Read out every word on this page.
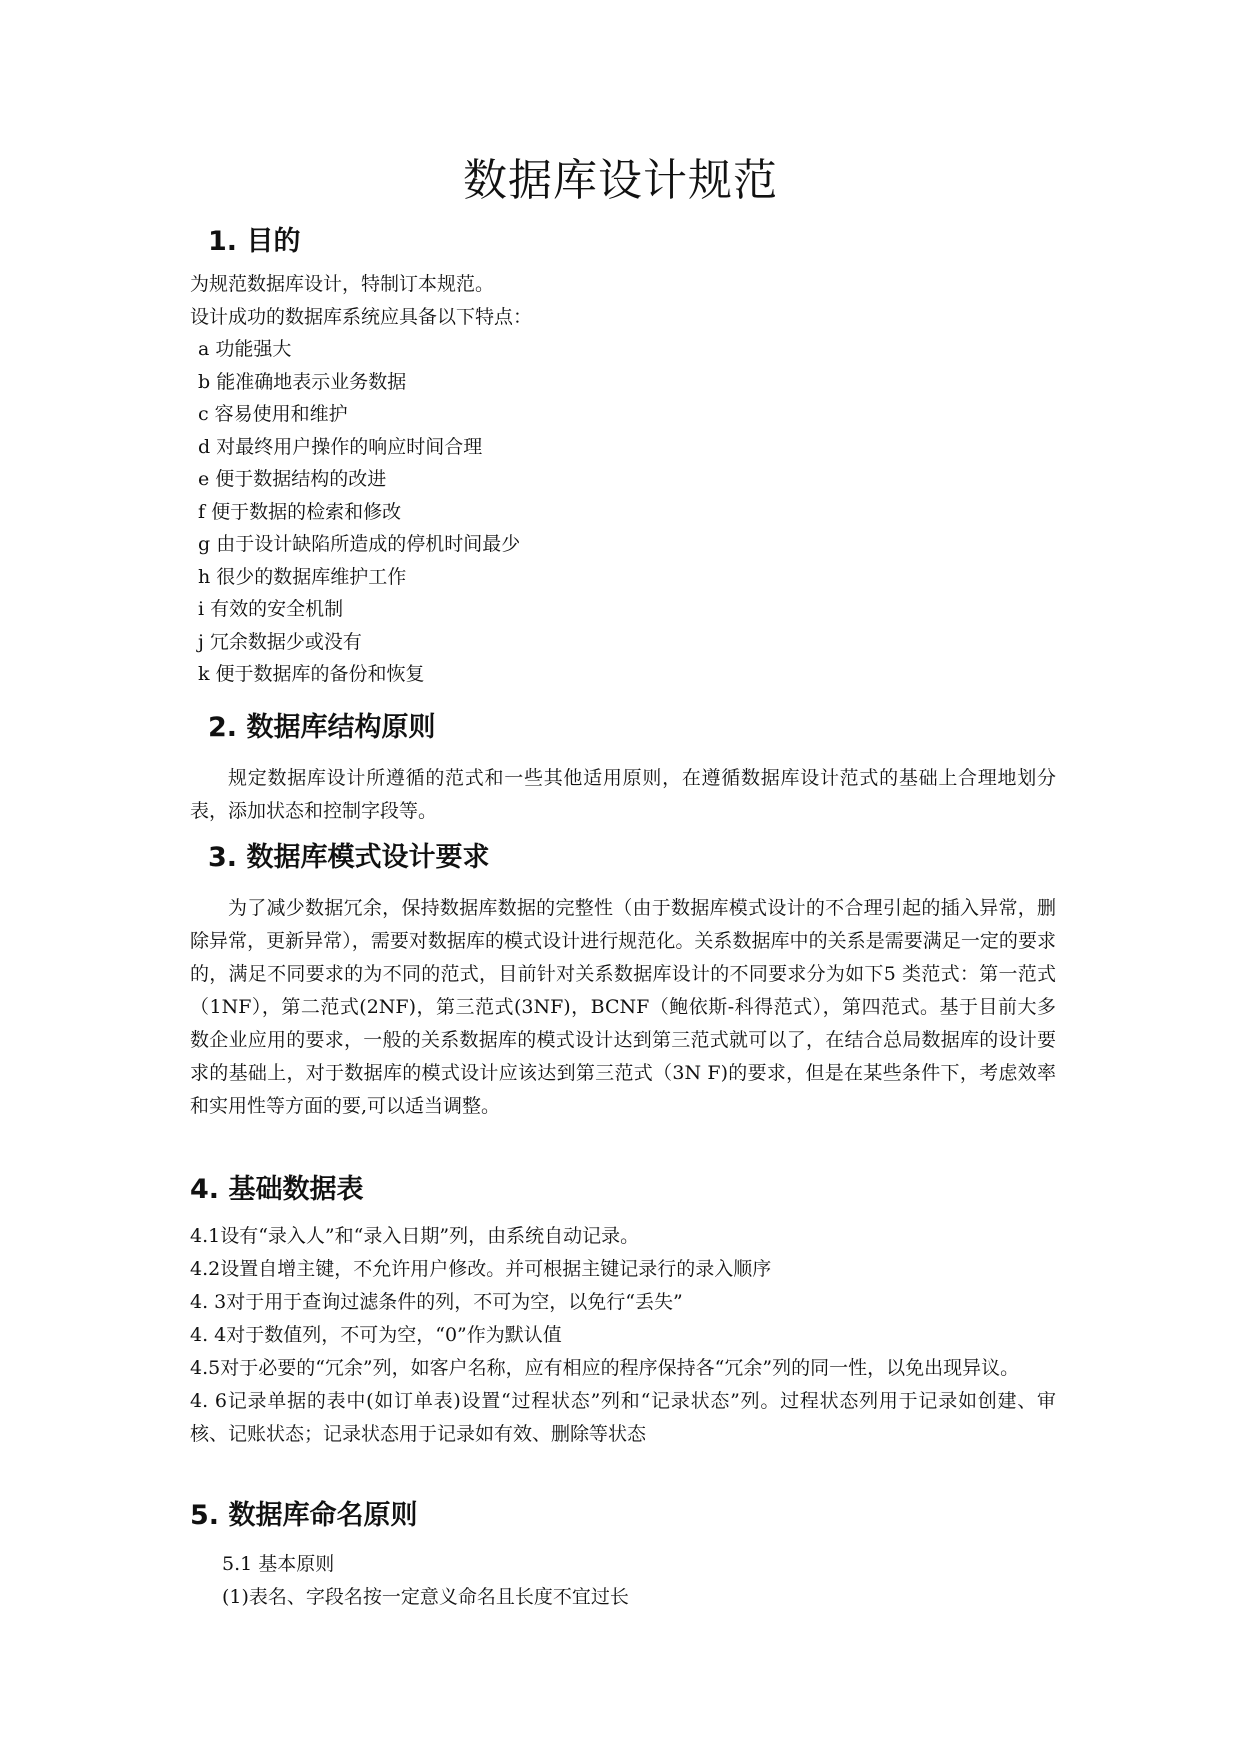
数据库设计规范
1. 目的
为规范数据库设计，特制订本规范。
设计成功的数据库系统应具备以下特点：
a 功能强大
b 能准确地表示业务数据
c 容易使用和维护
d 对最终用户操作的响应时间合理
e 便于数据结构的改进
f 便于数据的检索和修改
g 由于设计缺陷所造成的停机时间最少
h 很少的数据库维护工作
i 有效的安全机制
j 冗余数据少或没有
k 便于数据库的备份和恢复
2. 数据库结构原则

规定数据库设计所遵循的范式和一些其他适用原则，在遵循数据库设计范式的基础上合理地划分表，添加状态和控制字段等。

3. 数据库模式设计要求

为了减少数据冗余，保持数据库数据的完整性（由于数据库模式设计的不合理引起的插入异常，删除异常，更新异常），需要对数据库的模式设计进行规范化。关系数据库中的关系是需要满足一定的要求的，满足不同要求的为不同的范式，目前针对关系数据库设计的不同要求分为如下5 类范式：第一范式（1NF），第二范式(2NF)，第三范式(3NF)，BCNF（鲍依斯-科得范式），第四范式。基于目前大多数企业应用的要求，一般的关系数据库的模式设计达到第三范式就可以了，在结合总局数据库的设计要求的基础上，对于数据库的模式设计应该达到第三范式（3N F)的要求，但是在某些条件下，考虑效率和实用性等方面的要,可以适当调整。

4. 基础数据表

4.1设有“录入人”和“录入日期”列，由系统自动记录。

4.2设置自增主键，不允许用户修改。并可根据主键记录行的录入顺序

4. 3对于用于查询过滤条件的列，不可为空，以免行“丢失”

4. 4对于数值列，不可为空，“0”作为默认值

4.5对于必要的“冗余”列，如客户名称，应有相应的程序保持各“冗余”列的同一性，以免出现异议。

4. 6记录单据的表中(如订单表)设置“过程状态”列和“记录状态”列。过程状态列用于记录如创建、审核、记账状态；记录状态用于记录如有效、删除等状态

5. 数据库命名原则
5.1 基本原则
(1)表名、字段名按一定意义命名且长度不宜过长
